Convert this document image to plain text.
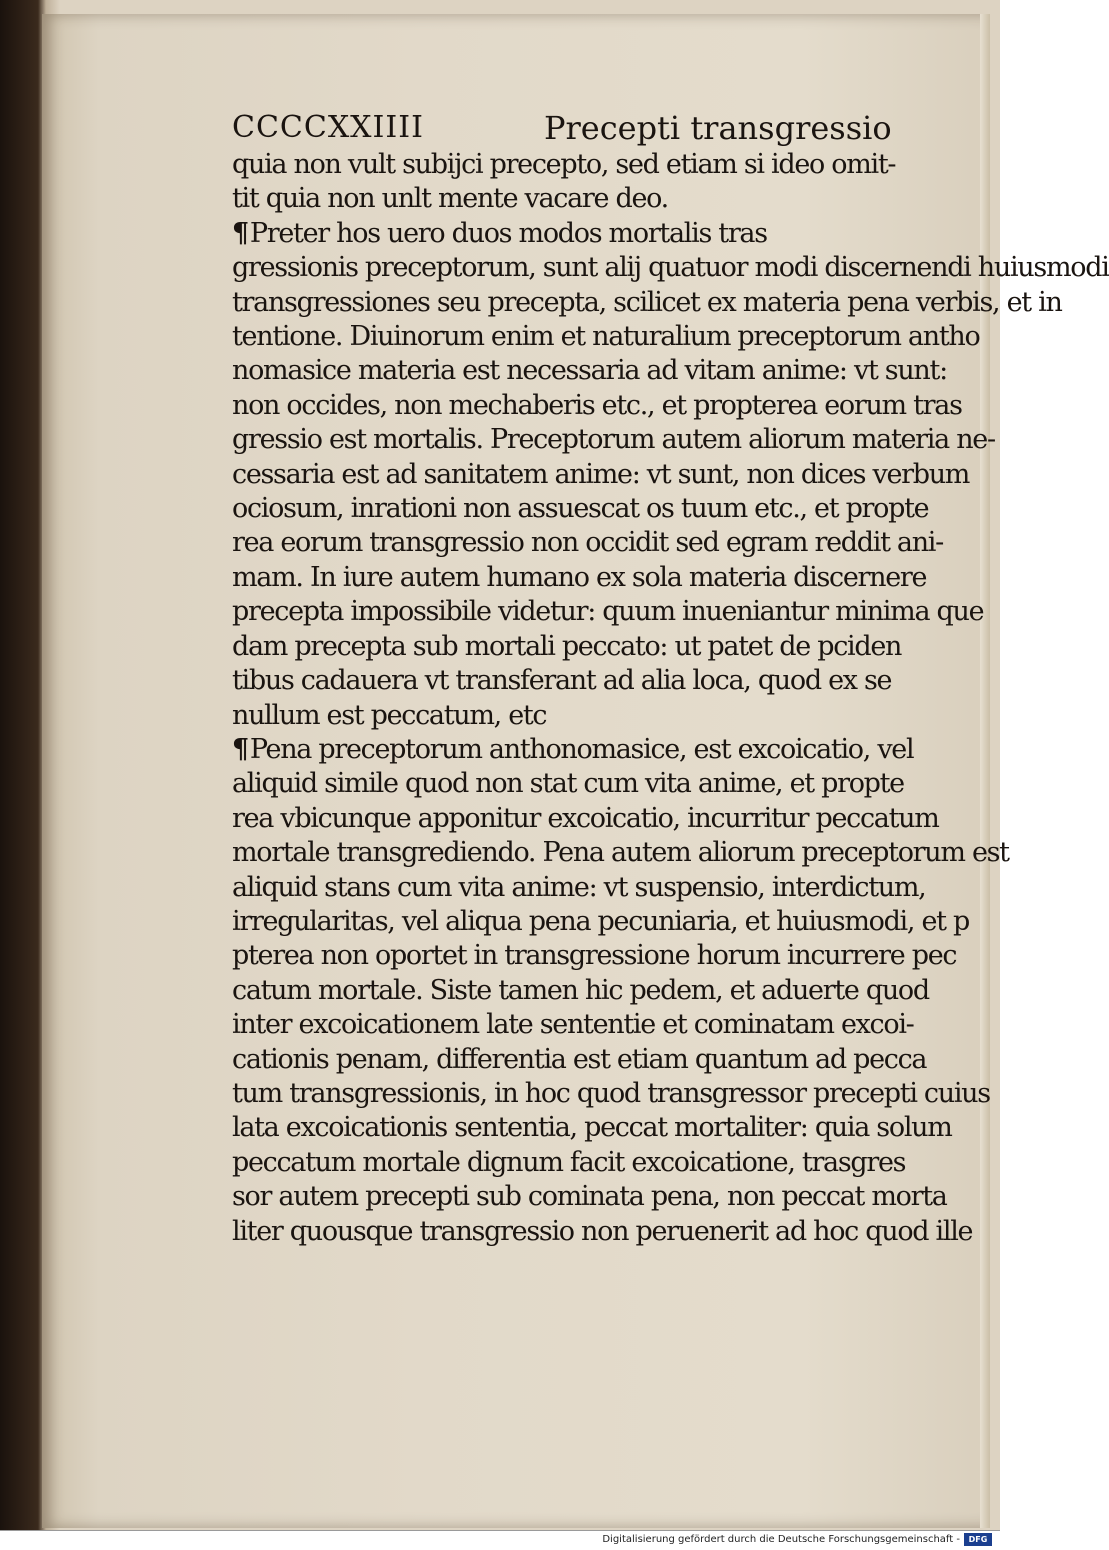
CCCCXXIIII	Precepti transgressio
quia non vult subijci precepto, sed etiam si ideo omit-
tit quia non unlt mente vacare deo.
¶Preter hos uero duos modos mortalis tras
gressionis preceptorum, sunt alij quatuor modi discernendi huiusmodi
transgressiones seu precepta, scilicet ex materia pena verbis, et in
tentione. Diuinorum enim et naturalium preceptorum antho
nomasice materia est necessaria ad vitam anime: vt sunt:
non occides, non mechaberis etc., et propterea eorum tras
gressio est mortalis. Preceptorum autem aliorum materia ne-
cessaria est ad sanitatem anime: vt sunt, non dices verbum
ociosum, inrationi non assuescat os tuum etc., et propte
rea eorum transgressio non occidit sed egram reddit ani-
mam. In iure autem humano ex sola materia discernere
precepta impossibile videtur: quum inueniantur minima que
dam precepta sub mortali peccato: ut patet de pciden
tibus cadauera vt transferant ad alia loca, quod ex se
nullum est peccatum, etc
¶Pena preceptorum anthonomasice, est excoicatio, vel
aliquid simile quod non stat cum vita anime, et propte
rea vbicunque apponitur excoicatio, incurritur peccatum
mortale transgrediendo. Pena autem aliorum preceptorum est
aliquid stans cum vita anime: vt suspensio, interdictum,
irregularitas, vel aliqua pena pecuniaria, et huiusmodi, et p
pterea non oportet in transgressione horum incurrere pec
catum mortale. Siste tamen hic pedem, et aduerte quod
inter excoicationem late sententie et cominatam excoi-
cationis penam, differentia est etiam quantum ad pecca
tum transgressionis, in hoc quod transgressor precepti cuius
lata excoicationis sententia, peccat mortaliter: quia solum
peccatum mortale dignum facit excoicatione, trasgres
sor autem precepti sub cominata pena, non peccat morta
liter quousque transgressio non peruenerit ad hoc quod ille
Digitalisierung gefördert durch die Deutsche Forschungsgemeinschaft -	DFG
